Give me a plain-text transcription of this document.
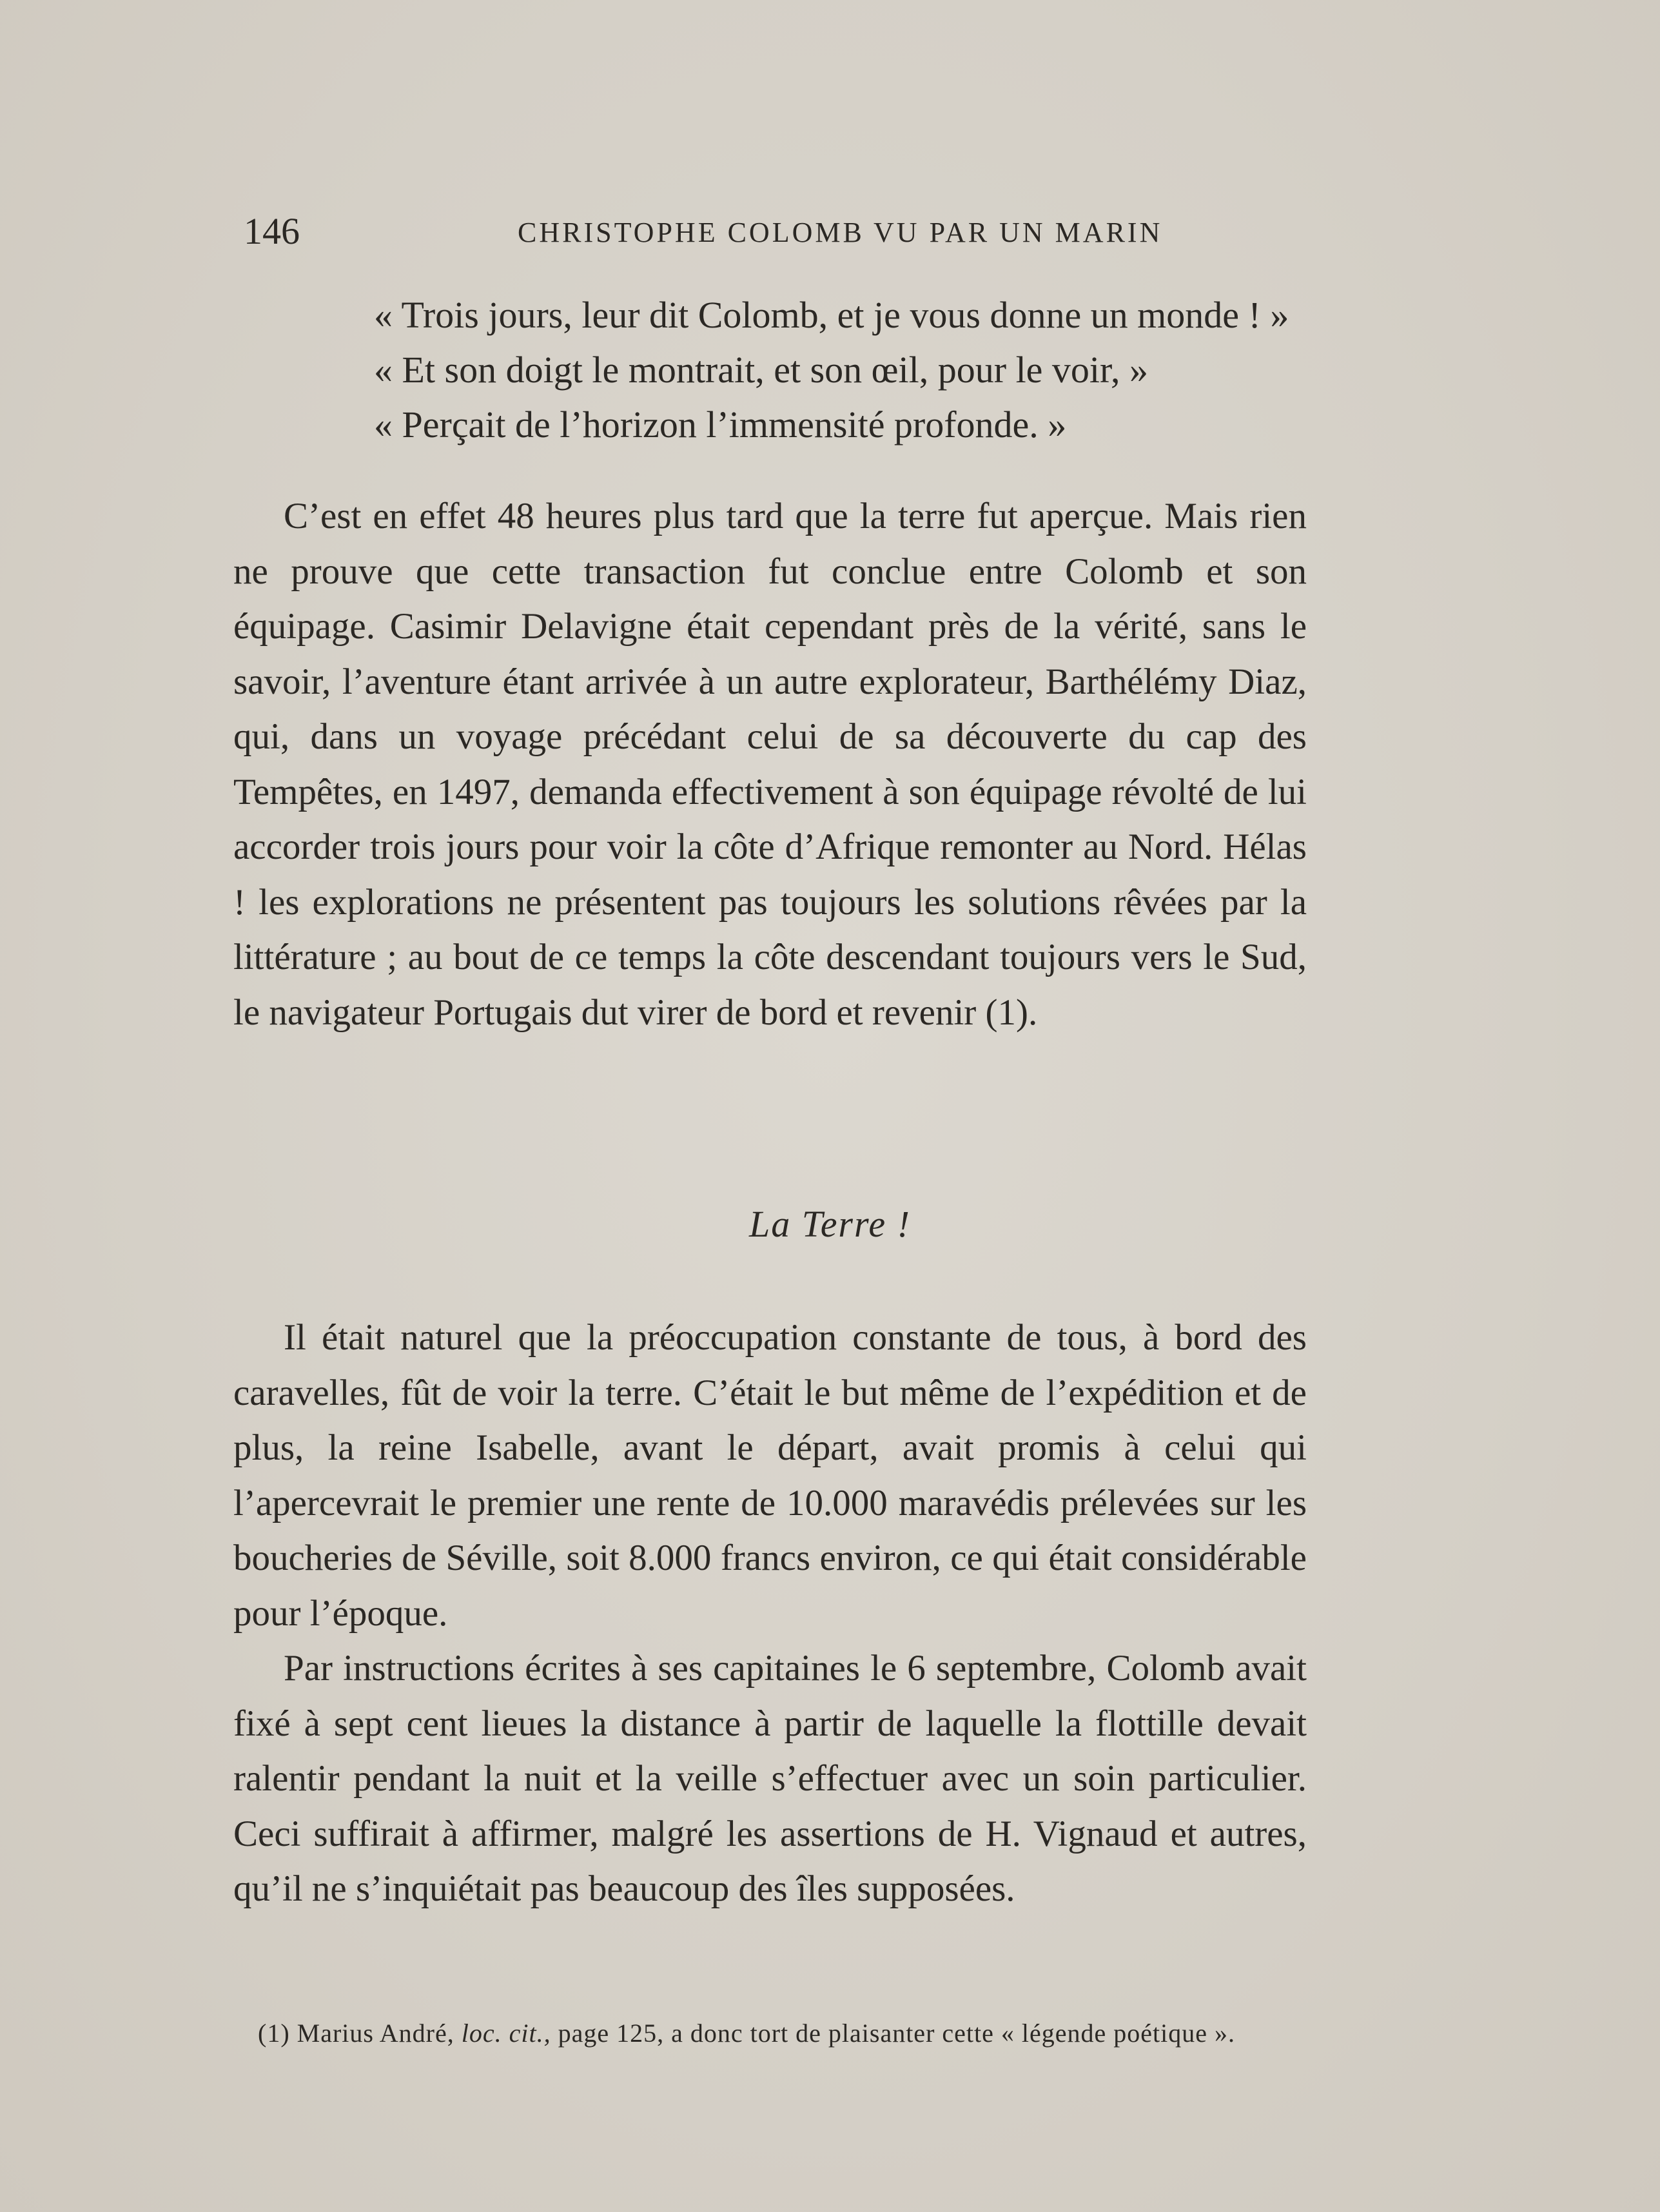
146	CHRISTOPHE COLOMB VU PAR UN MARIN
« Trois jours, leur dit Colomb, et je vous donne un monde ! »
« Et son doigt le montrait, et son œil, pour le voir, »
« Perçait de l’horizon l’immensité profonde. »

C’est en effet 48 heures plus tard que la terre fut aperçue. Mais rien ne prouve que cette transaction fut conclue entre Colomb et son équipage. Casimir Delavigne était cependant près de la vérité, sans le savoir, l’aventure étant arrivée à un autre explorateur, Barthélémy Diaz, qui, dans un voyage précédant celui de sa découverte du cap des Tempêtes, en 1497, demanda effectivement à son équipage révolté de lui accorder trois jours pour voir la côte d’Afrique remonter au Nord. Hélas ! les explorations ne présentent pas toujours les solutions rêvées par la littérature ; au bout de ce temps la côte descendant toujours vers le Sud, le navigateur Portugais dut virer de bord et revenir (1).

La Terre !

Il était naturel que la préoccupation constante de tous, à bord des caravelles, fût de voir la terre. C’était le but même de l’expédition et de plus, la reine Isabelle, avant le départ, avait promis à celui qui l’apercevrait le premier une rente de 10.000 maravédis prélevées sur les boucheries de Séville, soit 8.000 francs environ, ce qui était considérable pour l’époque.

Par instructions écrites à ses capitaines le 6 septembre, Colomb avait fixé à sept cent lieues la distance à partir de laquelle la flottille devait ralentir pendant la nuit et la veille s’effectuer avec un soin particulier. Ceci suffirait à affirmer, malgré les assertions de H. Vignaud et autres, qu’il ne s’inquiétait pas beaucoup des îles supposées.

(1) Marius André, loc. cit., page 125, a donc tort de plaisanter cette « légende poétique ».
